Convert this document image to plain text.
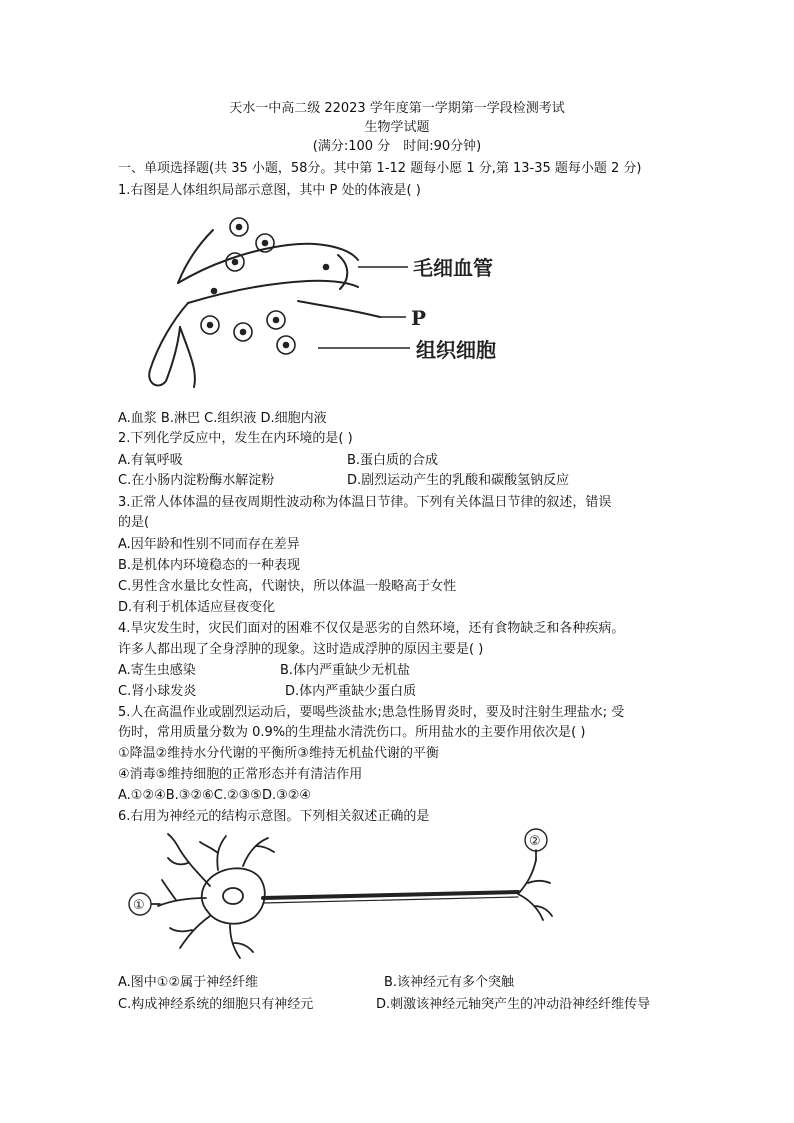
天水一中高二级 22023 学年度第一学期第一学段检测考试
生物学试题
(满分:100 分　时间:90分钟)
一、单项选择题(共 35 小题，58分。其中第 1-12 题每小愿 1 分,第 13-35 题每小题 2 分)
1.右图是人体组织局部示意图，其中 P 处的体液是( )
毛细血管
P
组织细胞
A.血浆 B.淋巴 C.组织液 D.细胞内液
2.下列化学反应中，发生在内环境的是( )
A.有氧呼吸	B.蛋白质的合成
C.在小肠内淀粉酶水解淀粉	D.剧烈运动产生的乳酸和碳酸氢钠反应
3.正常人体体温的昼夜周期性波动称为体温日节律。下列有关体温日节律的叙述，错误
的是(
A.因年龄和性别不同而存在差异
B.是机体内环境稳态的一种表现
C.男性含水量比女性高，代谢快，所以体温一般略高于女性
D.有利于机体适应昼夜变化
4.旱灾发生时，灾民们面对的困难不仅仅是恶劣的自然环境，还有食物缺乏和各种疾病。
许多人都出现了全身浮肿的现象。这时造成浮肿的原因主要是( )
A.寄生虫感染	B.体内严重缺少无机盐
C.肾小球发炎	D.体内严重缺少蛋白质
5.人在高温作业或剧烈运动后，要喝些淡盐水;患急性肠胃炎时，要及时注射生理盐水; 受
伤时，常用质量分数为 0.9%的生理盐水清洗伤口。所用盐水的主要作用依次是( )
①降温②维持水分代谢的平衡所③维持无机盐代谢的平衡
④消毒⑤维持细胞的正常形态并有清洁作用
A.①②④B.③②⑥C.②③⑤D.③②④
6.右用为神经元的结构示意图。下列相关叙述正确的是
①
②
A.图中①②属于神经纤维	B.该神经元有多个突触
C.构成神经系统的细胞只有神经元	D.刺激该神经元轴突产生的冲动沿神经纤维传导
